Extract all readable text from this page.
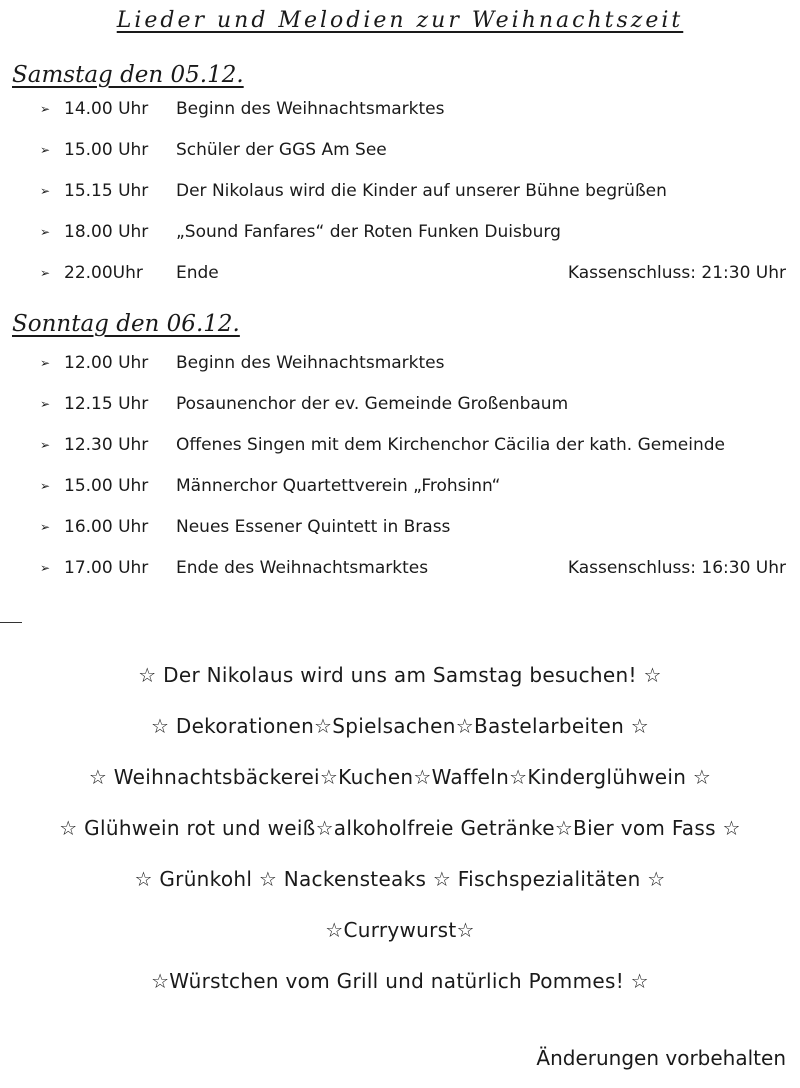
Lieder und Melodien zur Weihnachtszeit
Samstag den 05.12.
➢ 14.00 Uhr Beginn des Weihnachtsmarktes
➢ 15.00 Uhr Schüler der GGS Am See
➢ 15.15 Uhr Der Nikolaus wird die Kinder auf unserer Bühne begrüßen
➢ 18.00 Uhr „Sound Fanfares“ der Roten Funken Duisburg
➢ 22.00Uhr Ende	Kassenschluss: 21:30 Uhr
Sonntag den 06.12.
➢ 12.00 Uhr Beginn des Weihnachtsmarktes
➢ 12.15 Uhr Posaunenchor der ev. Gemeinde Großenbaum
➢ 12.30 Uhr Offenes Singen mit dem Kirchenchor Cäcilia der kath. Gemeinde
➢ 15.00 Uhr Männerchor Quartettverein „Frohsinn“
➢ 16.00 Uhr Neues Essener Quintett in Brass
➢ 17.00 Uhr Ende des Weihnachtsmarktes	Kassenschluss: 16:30 Uhr
☆ Der Nikolaus wird uns am Samstag besuchen! ☆
☆ Dekorationen☆Spielsachen☆Bastelarbeiten ☆
☆ Weihnachtsbäckerei☆Kuchen☆Waffeln☆Kinderglühwein ☆
☆ Glühwein rot und weiß☆alkoholfreie Getränke☆Bier vom Fass ☆
☆ Grünkohl ☆ Nackensteaks ☆ Fischspezialitäten ☆
☆Currywurst☆
☆Würstchen vom Grill und natürlich Pommes! ☆
Änderungen vorbehalten
